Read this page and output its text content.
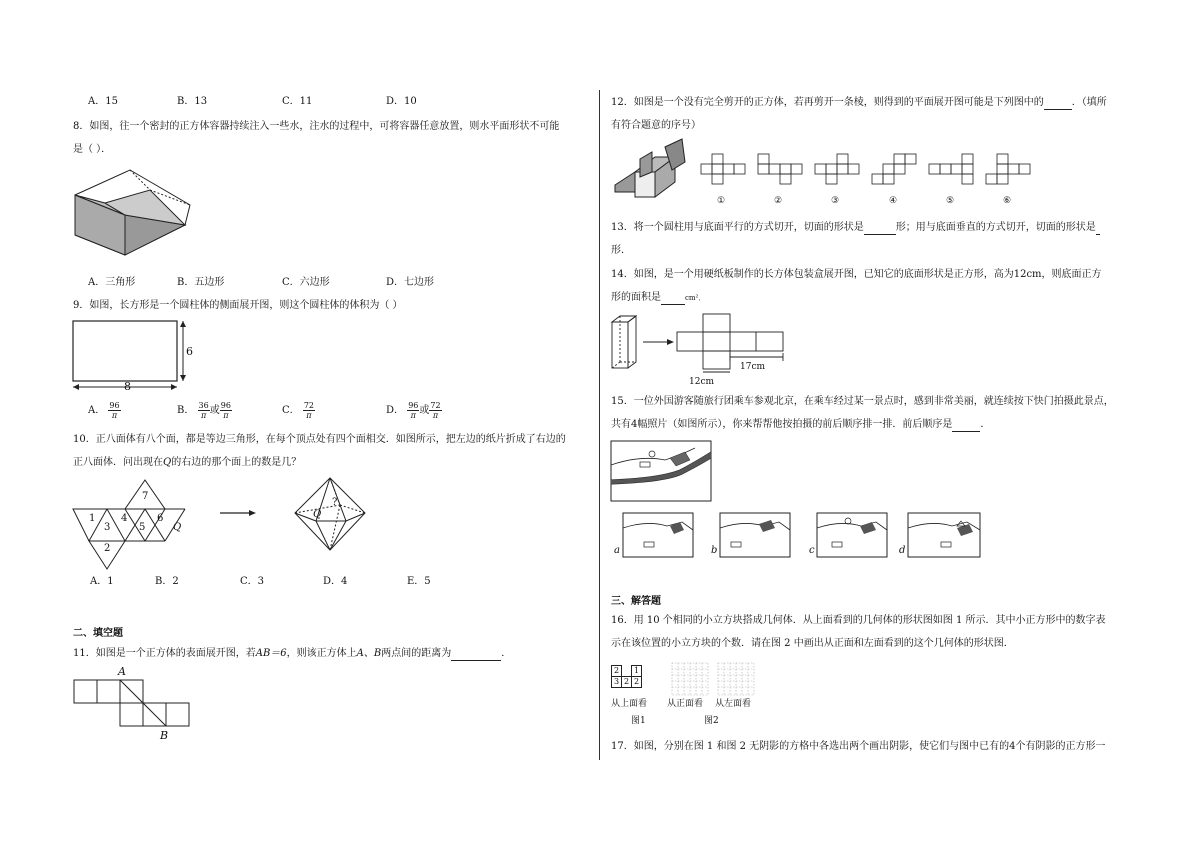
A．15	B．13	C．11	D．10
8．如图，往一个密封的正方体容器持续注入一些水，注水的过程中，可将容器任意放置，则水平面形状不可能
是（ ）．
A．三角形	B．五边形	C．六边形	D．七边形
9．如图，长方形是一个圆柱体的侧面展开图，则这个圆柱体的体积为（ ）
6
8
A． $\frac{96}{\pi}$	B． $\frac{36}{\pi}$ 或 $\frac{96}{\pi}$	C． $\frac{72}{\pi}$	D． $\frac{96}{\pi}$ 或 $\frac{72}{\pi}$
10．正八面体有八个面，都是等边三角形，在每个顶点处有四个面相交．如图所示，把左边的纸片折成了右边的
正八面体．问出现在Q的右边的那个面上的数是几？
7
1	4	6
3	5	Q
2
?
Q
A．1	B．2	C．3	D．4	E．5
二、填空题
11．如图是一个正方体的表面展开图，若AB＝6，则该正方体上A、B两点间的距离为	．
A
B
12．如图是一个没有完全剪开的正方体，若再剪开一条棱，则得到的平面展开图可能是下列图中的	．（填所
有符合题意的序号）
①	②	③	④	⑤	⑥
13．将一个圆柱用与底面平行的方式切开，切面的形状是	形；用与底面垂直的方式切开，切面的形状是
形．
14．如图，是一个用硬纸板制作的长方体包装盒展开图，已知它的底面形状是正方形，高为12cm，则底面正方
形的面积是	cm²．
17cm
12cm
15．一位外国游客随旅行团乘车参观北京，在乘车经过某一景点时，感到非常美丽，就连续按下快门拍摄此景点，
共有4幅照片（如图所示），你来帮帮他按拍摄的前后顺序排一排．前后顺序是	．
a	b	c	d
三、解答题
16．用 10 个相同的小立方块搭成几何体．从上面看到的几何体的形状图如图 1 所示．其中小正方形中的数字表
示在该位置的小立方块的个数．请在图 2 中画出从正面和左面看到的这个几何体的形状图．
2		1
3	2	2
从上面看 从正面看 从左面看
图1	图2
17．如图，分别在图 1 和图 2 无阴影的方格中各选出两个画出阴影，使它们与图中已有的4个有阴影的正方形一
